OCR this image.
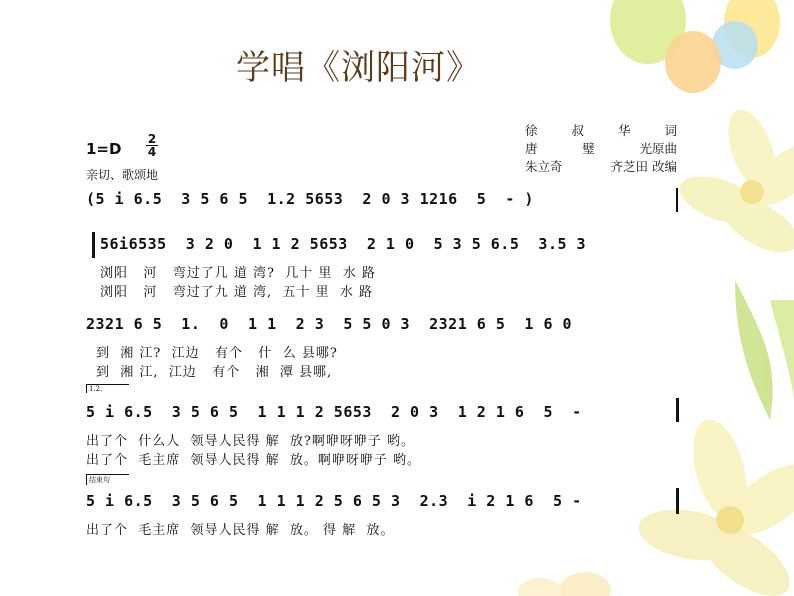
学唱《浏阳河》
徐	叔	华	词
唐	璧	光原曲
朱立奇	齐芝田 改编
1=D
2
4
亲切、歌颂地
(5 i 6.5  3 5 6 5  1.2 5653  2 0 3 1216  5  - )
56i6535  3 2 0  1 1 2 5653  2 1 0  5 3 5 6.5  3.5 3
浏阳   河   弯过了几 道 湾?  几十 里  水 路
浏阳   河   弯过了九 道 湾,  五十 里  水 路
2321 6 5  1.  0  1 1  2 3  5 5 0 3  2321 6 5  1 6 0
到  湘 江?  江边   有个   什  么 县哪?
到  湘 江,  江边   有个   湘  潭 县哪,
1.2.
5 i 6.5  3 5 6 5  1 1 1 2 5653  2 0 3  1 2 1 6  5  -
出了个  什么人  领导人民得 解  放?啊咿呀咿子 哟。
出了个  毛主席  领导人民得 解  放。啊咿呀咿子 哟。
结束句
5 i 6.5  3 5 6 5  1 1 1 2 5 6 5 3  2.3  i 2 1 6  5 -
出了个  毛主席  领导人民得 解  放。 得 解  放。
